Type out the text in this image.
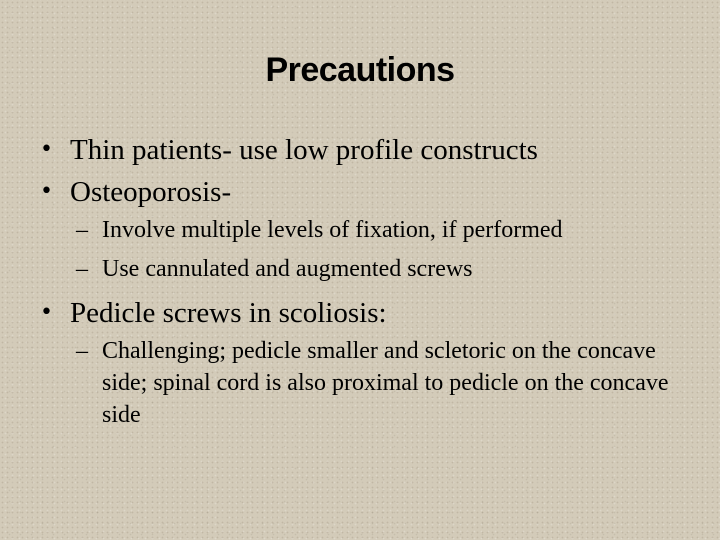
Precautions
• Thin patients- use low profile constructs
• Osteoporosis-
– Involve multiple levels of fixation, if performed
– Use cannulated and augmented screws
• Pedicle screws in scoliosis:
– Challenging; pedicle smaller and scletoric on the concave side; spinal cord is also proximal to pedicle on the concave side
